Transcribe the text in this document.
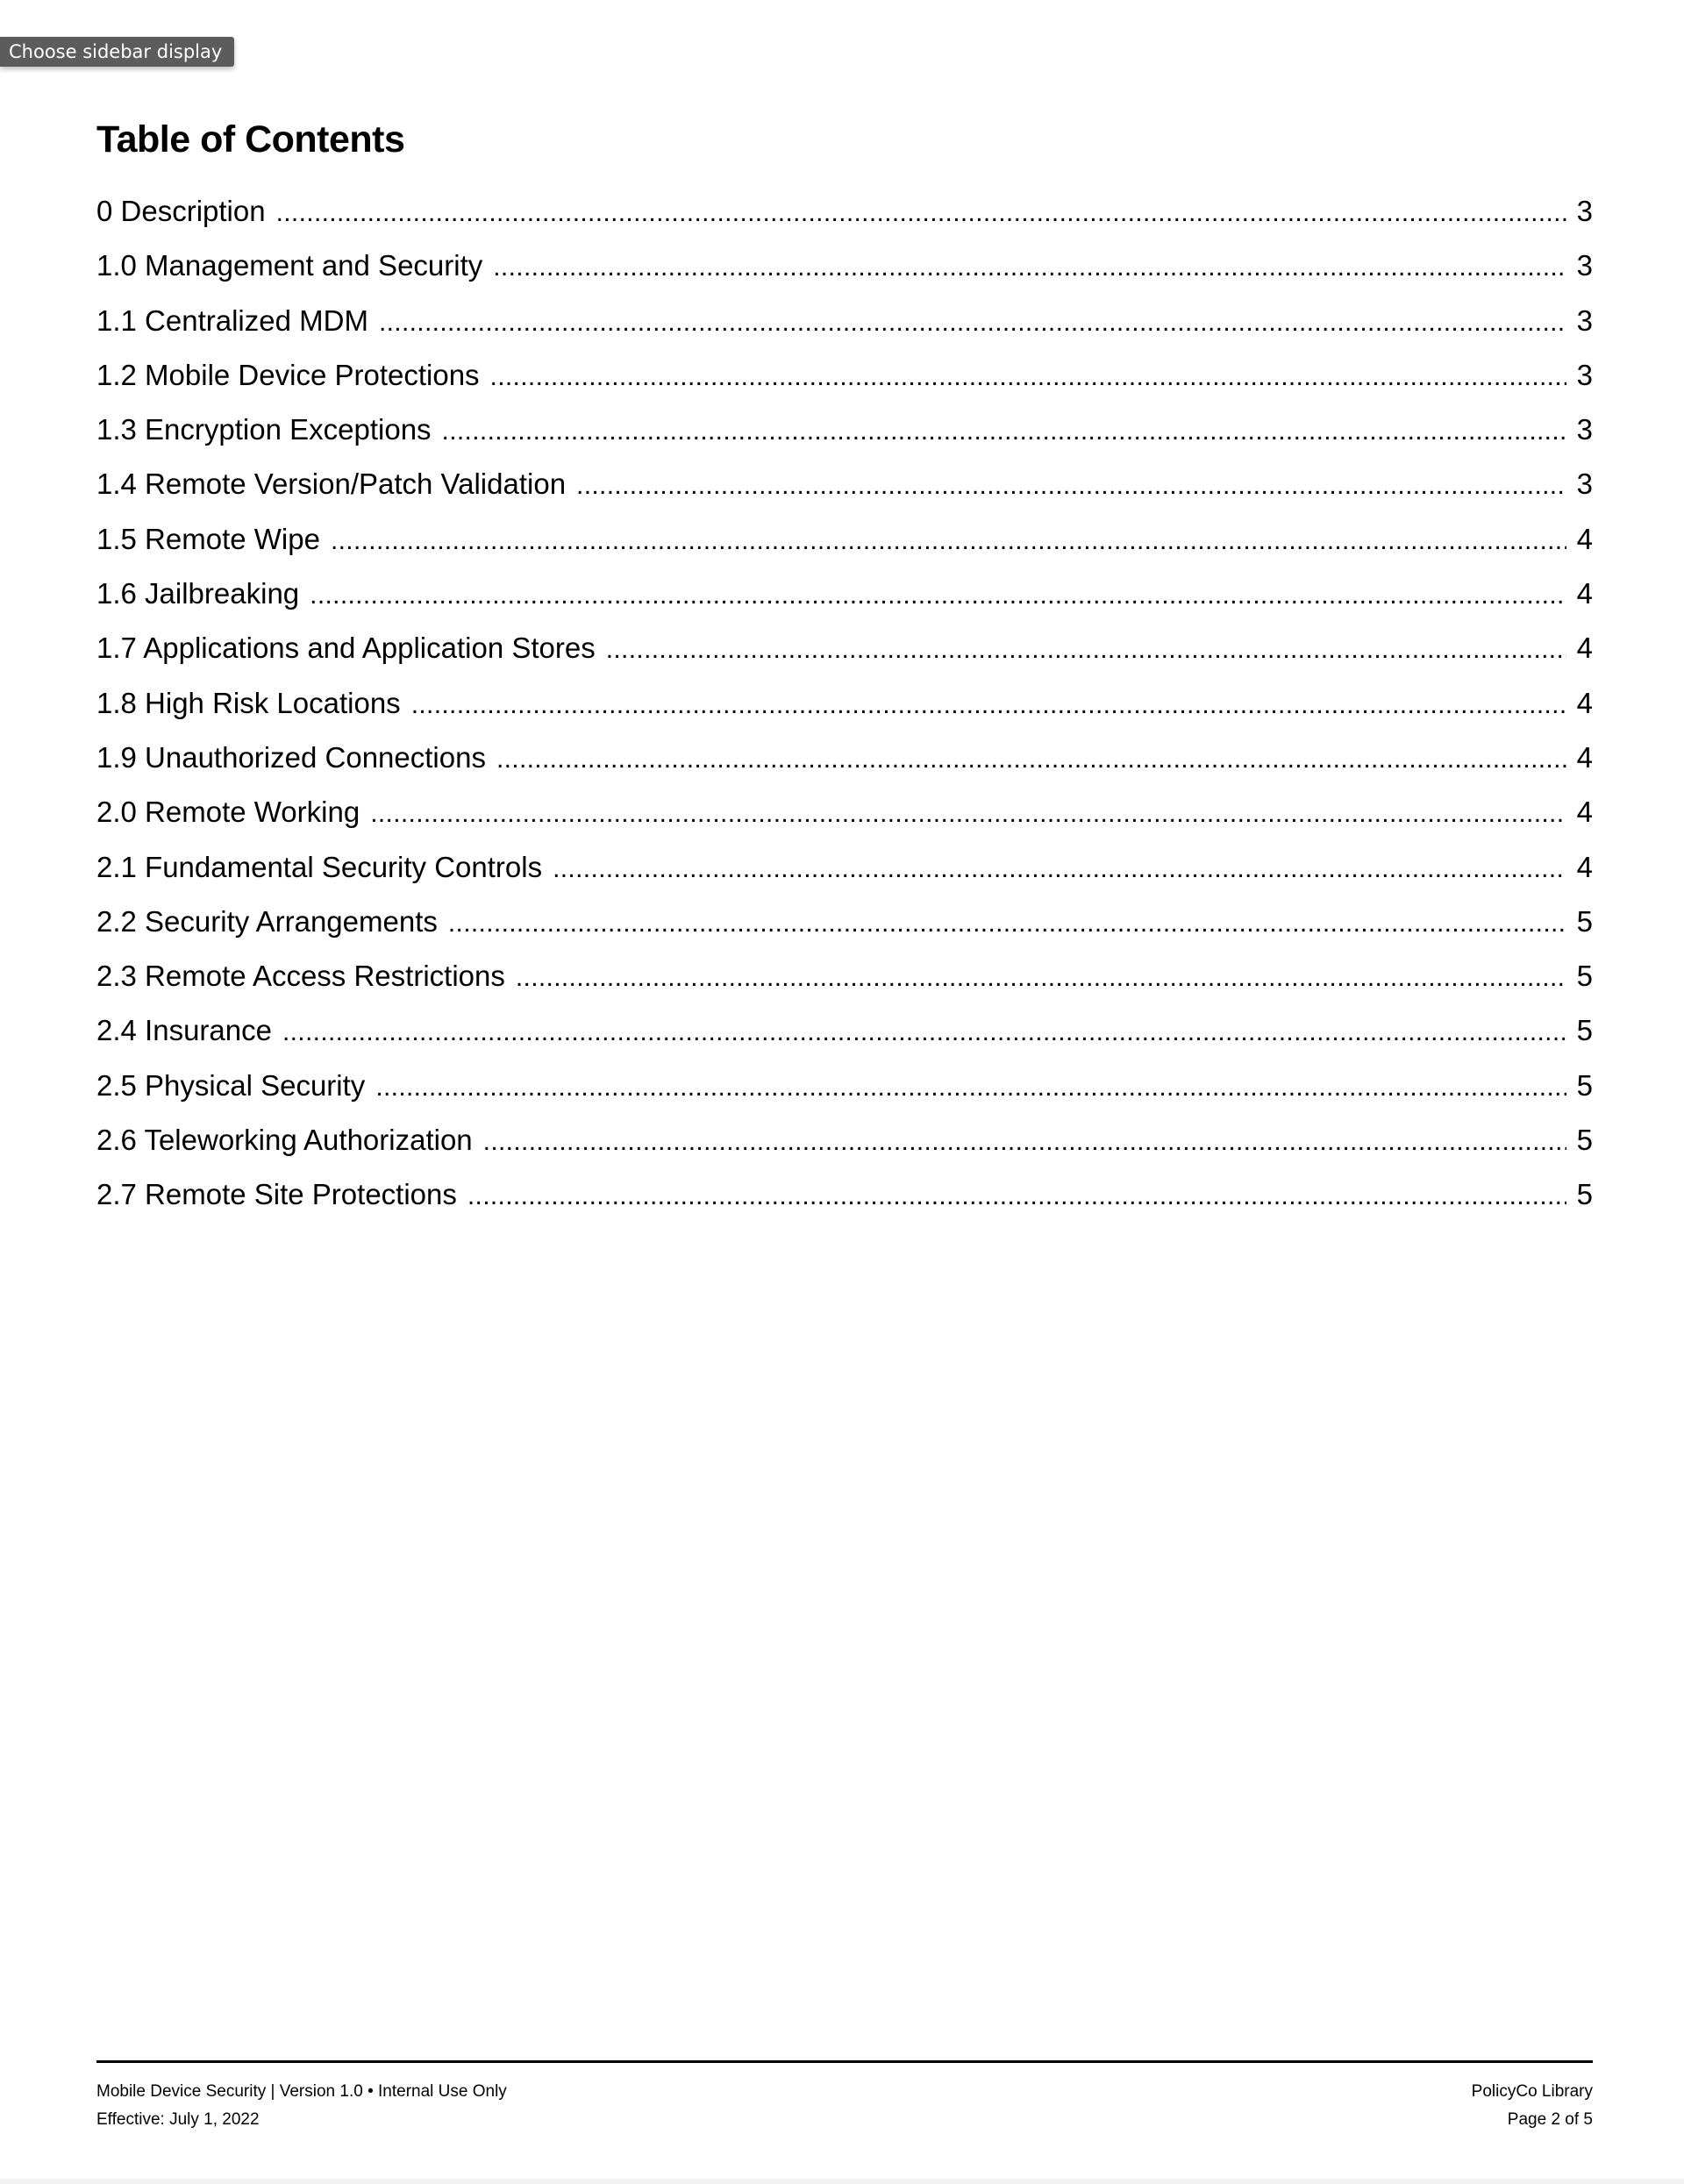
Choose sidebar display
Table of Contents
0 Description . . .	3
1.0 Management and Security . . .	3
1.1 Centralized MDM . . .	3
1.2 Mobile Device Protections . . .	3
1.3 Encryption Exceptions . . .	3
1.4 Remote Version/Patch Validation . . .	3
1.5 Remote Wipe . . .	4
1.6 Jailbreaking . . .	4
1.7 Applications and Application Stores . . .	4
1.8 High Risk Locations . . .	4
1.9 Unauthorized Connections . . .	4
2.0 Remote Working . . .	4
2.1 Fundamental Security Controls . . .	4
2.2 Security Arrangements . . .	5
2.3 Remote Access Restrictions . . .	5
2.4 Insurance . . .	5
2.5 Physical Security . . .	5
2.6 Teleworking Authorization . . .	5
2.7 Remote Site Protections . . .	5
Mobile Device Security | Version 1.0 • Internal Use Only
Effective: July 1, 2022
PolicyCo Library
Page 2 of 5
